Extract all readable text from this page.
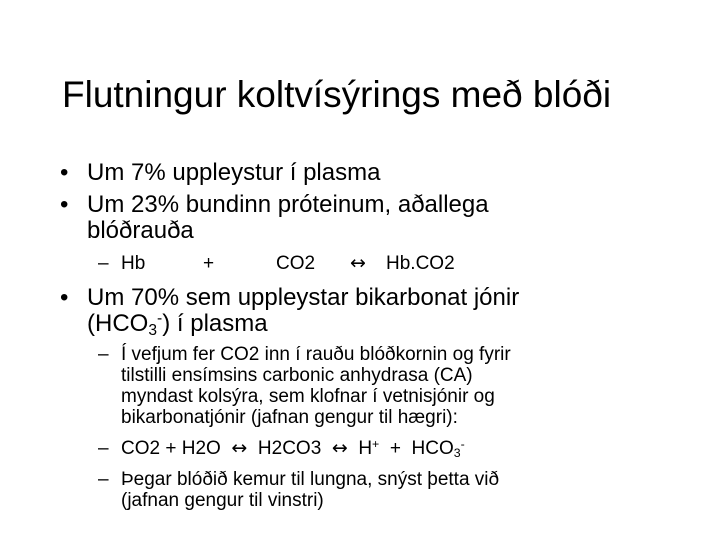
Flutningur koltvísýrings með blóði
• Um 7% uppleystur í plasma
• Um 23% bundinn próteinum, aðallega
blóðrauða
– Hb	+	CO2 ↔ Hb.CO2
• Um 70% sem uppleystar bikarbonat jónir
$(HCO_3^-)$ í plasma
– Í vefjum fer CO2 inn í rauðu blóðkornin og fyrir
tilstilli ensímsins carbonic anhydrasa (CA)
myndast kolsýra, sem klofnar í vetnisjónir og
bikarbonatjónir (jafnan gengur til hægri):
– CO2 + H2O ↔ H2CO3 ↔ $H^+ + HCO_3^-$
– Þegar blóðið kemur til lungna, snýst þetta við
(jafnan gengur til vinstri)
